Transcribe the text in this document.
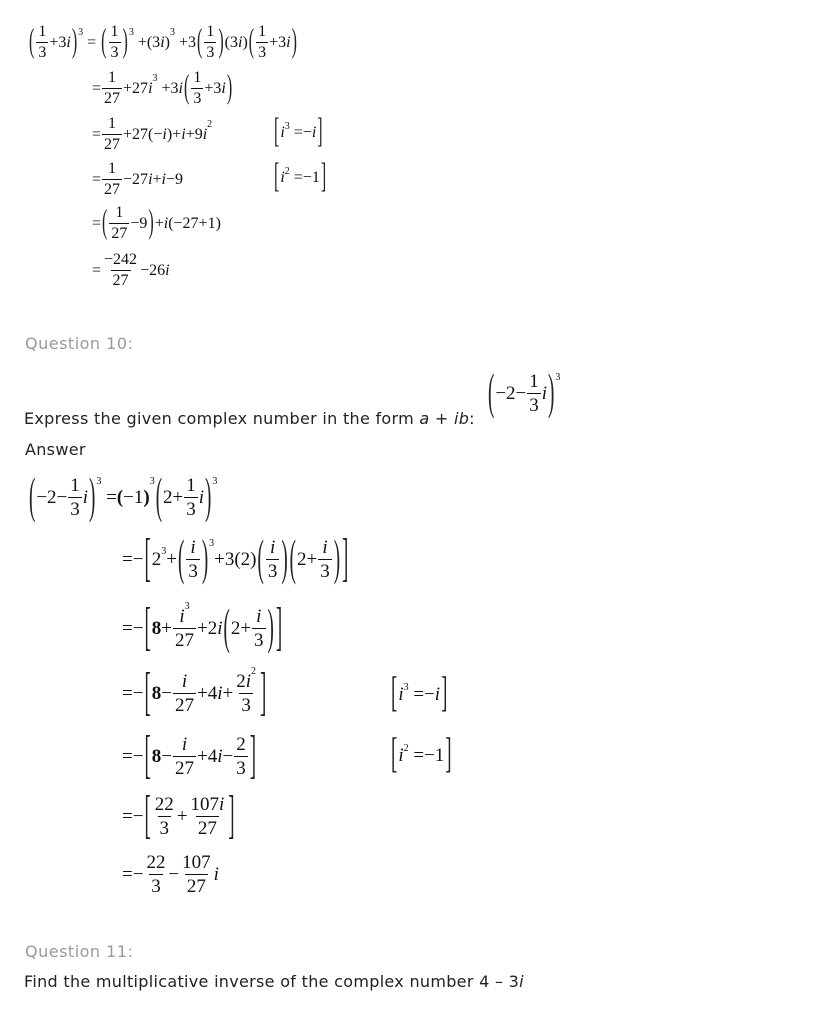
( $\frac{1}{3} +3$ i ) 3
= ( $\frac{1}{3}$ ) 3
+(3 i )
3
+3 ( $\frac{1}{3}$ ) (3 i ) ( $\frac{1}{3} +3$ i )
= $\frac{1}{27} +27$ i
3
+3 i ( $\frac{1}{3} +3$ i )
= $\frac{1}{27} +27(- i$ )+ i +9 i
2	[ i 3 =− i ]
= $\frac{1}{27} -27$ i + i −9	[ i 2 =−1 ]
= ( $\frac{1}{27} -9$ ) + i (−27+1)
= $\frac{-242}{27} -26$ i
Question 10:
Express the given complex number in the form a + ib: ( $-2- \frac{1}{3}$ i ) 3
Answer
( $-2- \frac{1}{3}$ i ) 3
= ( −1 )
3 ( $2+ \frac{1}{3}$ i ) 3
=− [ 2 3 + ( $\frac{i}{3}$ ) 3
+3(2) ( $\frac{i}{3}$ ) ( $2+ \frac{i}{3}$ ) ]
=− [ $8 + \frac{i^3}{27} +2$ i ( $2+ \frac{i}{3}$ ) ]
=− [ $8 - \frac{i}{27} +4$ $i + \frac{2i^2}{3}$ ]	[ i 3 =− i ]
=− [ $8 - \frac{i}{27} +4$ $i - \frac{2}{3}$ ]	[ i 2 =−1 ]
=− [ $\frac{22}{3} + \frac{107i}{27}$ ]
=− $\frac{22}{3} - \frac{107}{27}$ i
Question 11:
Find the multiplicative inverse of the complex number 4 – 3i
